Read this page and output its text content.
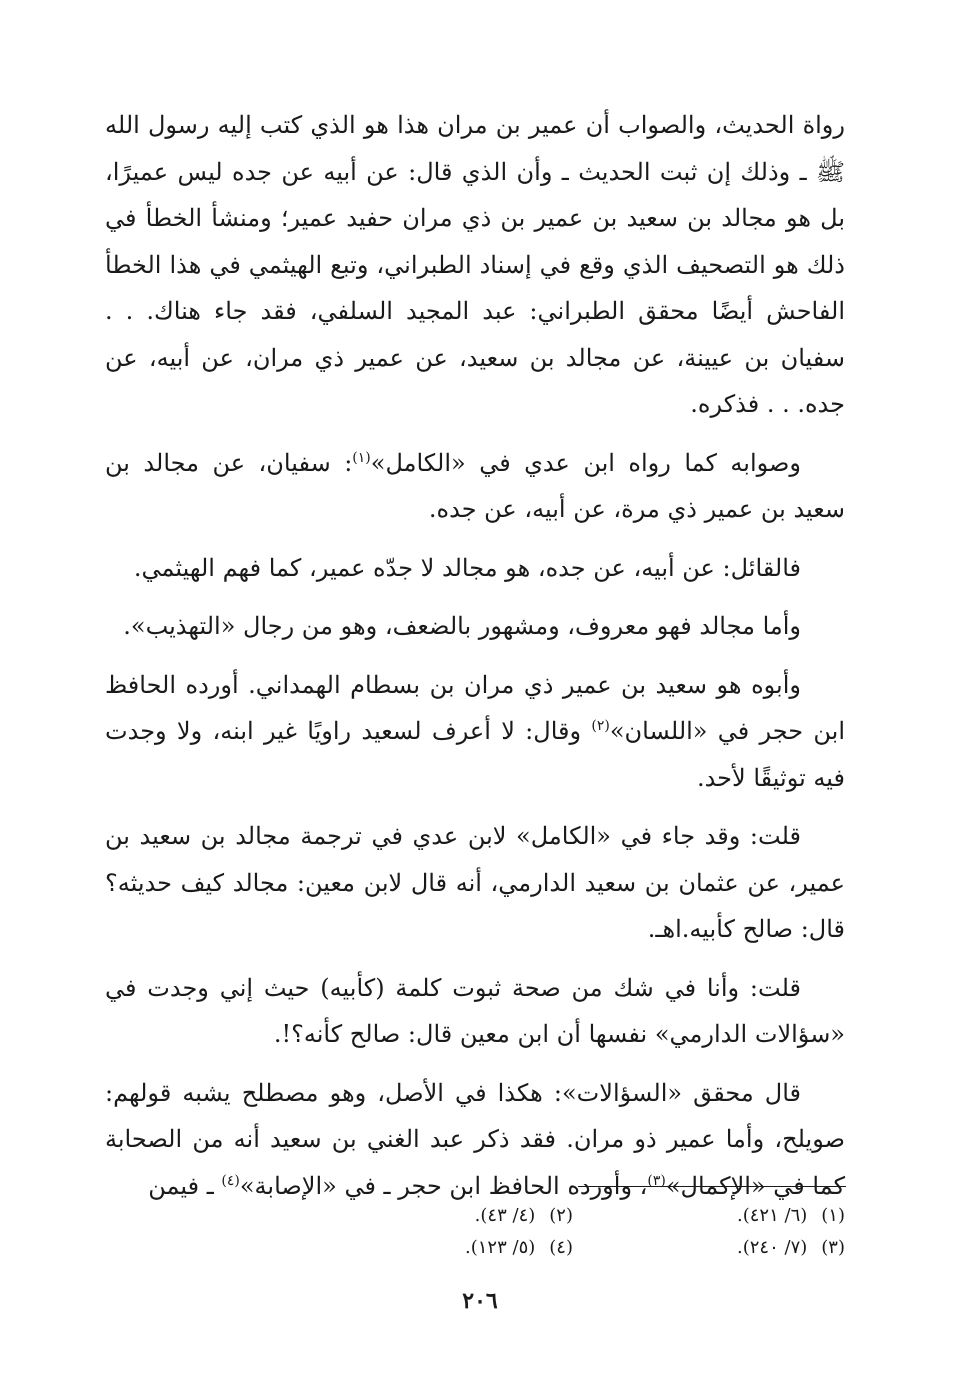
رواة الحديث، والصواب أن عمير بن مران هذا هو الذي كتب إليه رسول الله ﷺ ـ وذلك إن ثبت الحديث ـ وأن الذي قال: عن أبيه عن جده ليس عميرًا، بل هو مجالد بن سعيد بن عمير بن ذي مران حفيد عمير؛ ومنشأ الخطأ في ذلك هو التصحيف الذي وقع في إسناد الطبراني، وتبع الهيثمي في هذا الخطأ الفاحش أيضًا محقق الطبراني: عبد المجيد السلفي، فقد جاء هناك. . . سفيان بن عيينة، عن مجالد بن سعيد، عن عمير ذي مران، عن أبيه، عن جده. . . فذكره.

وصوابه كما رواه ابن عدي في «الكامل»$^{(١)}$: سفيان، عن مجالد بن سعيد بن عمير ذي مرة، عن أبيه، عن جده.

فالقائل: عن أبيه، عن جده، هو مجالد لا جدّه عمير، كما فهم الهيثمي.

وأما مجالد فهو معروف، ومشهور بالضعف، وهو من رجال «التهذيب».

وأبوه هو سعيد بن عمير ذي مران بن بسطام الهمداني. أورده الحافظ ابن حجر في «اللسان»$^{(٢)}$ وقال: لا أعرف لسعيد راويًا غير ابنه، ولا وجدت فيه توثيقًا لأحد.

قلت: وقد جاء في «الكامل» لابن عدي في ترجمة مجالد بن سعيد بن عمير، عن عثمان بن سعيد الدارمي، أنه قال لابن معين: مجالد كيف حديثه؟ قال: صالح كأبيه.اهـ.

قلت: وأنا في شك من صحة ثبوت كلمة (كأبيه) حيث إني وجدت في «سؤالات الدارمي» نفسها أن ابن معين قال: صالح كأنه؟!.

قال محقق «السؤالات»: هكذا في الأصل، وهو مصطلح يشبه قولهم: صويلح، وأما عمير ذو مران. فقد ذكر عبد الغني بن سعيد أنه من الصحابة كما في «الإكمال»$^{(٣)}$، وأورده الحافظ ابن حجر ـ في «الإصابة»$^{(٤)}$ ـ فيمن

(١)(٦/ ٤٢١).
(٢)(٤/ ٤٣).
(٣)(٧/ ٢٤٠).
(٤)(٥/ ١٢٣).
٢٠٦
